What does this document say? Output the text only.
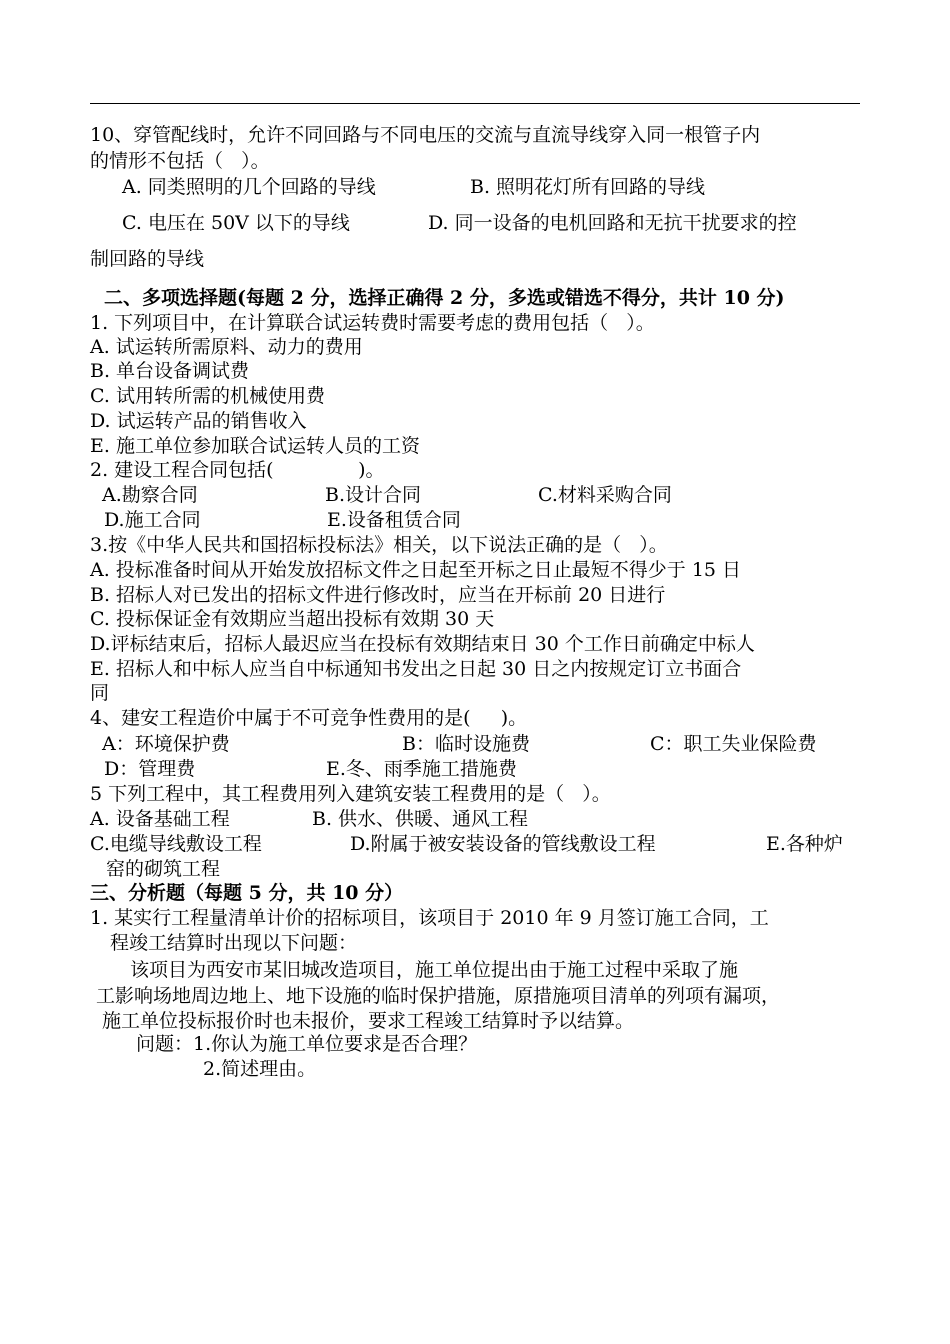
10、穿管配线时，允许不同回路与不同电压的交流与直流导线穿入同一根管子内
的情形不包括（   ）。
A. 同类照明的几个回路的导线	B. 照明花灯所有回路的导线
C. 电压在 50V 以下的导线	D. 同一设备的电机回路和无抗干扰要求的控
制回路的导线
二、多项选择题(每题 2 分，选择正确得 2 分，多选或错选不得分，共计 10 分)
1. 下列项目中，在计算联合试运转费时需要考虑的费用包括（   ）。
A. 试运转所需原料、动力的费用
B. 单台设备调试费
C. 试用转所需的机械使用费
D. 试运转产品的销售收入
E. 施工单位参加联合试运转人员的工资
2. 建设工程合同包括(              )。
A.勘察合同	B.设计合同	C.材料采购合同
D.施工合同	E.设备租赁合同
3.按《中华人民共和国招标投标法》相关，以下说法正确的是（   ）。
A. 投标准备时间从开始发放招标文件之日起至开标之日止最短不得少于 15 日
B. 招标人对已发出的招标文件进行修改时，应当在开标前 20 日进行
C. 投标保证金有效期应当超出投标有效期 30 天
D.评标结束后，招标人最迟应当在投标有效期结束日 30 个工作日前确定中标人
E. 招标人和中标人应当自中标通知书发出之日起 30 日之内按规定订立书面合
同
4、建安工程造价中属于不可竞争性费用的是(     )。
A：环境保护费	B：临时设施费	C：职工失业保险费
D：管理费	E.冬、雨季施工措施费
5 下列工程中，其工程费用列入建筑安装工程费用的是（   ）。
A. 设备基础工程	B. 供水、供暖、通风工程
C.电缆导线敷设工程	D.附属于被安装设备的管线敷设工程	E.各种炉
窑的砌筑工程
三、分析题（每题 5 分，共 10 分）
1. 某实行工程量清单计价的招标项目，该项目于 2010 年 9 月签订施工合同，工
程竣工结算时出现以下问题：
该项目为西安市某旧城改造项目，施工单位提出由于施工过程中采取了施
工影响场地周边地上、地下设施的临时保护措施，原措施项目清单的列项有漏项，
施工单位投标报价时也未报价，要求工程竣工结算时予以结算。
问题：1.你认为施工单位要求是否合理？
2.简述理由。
